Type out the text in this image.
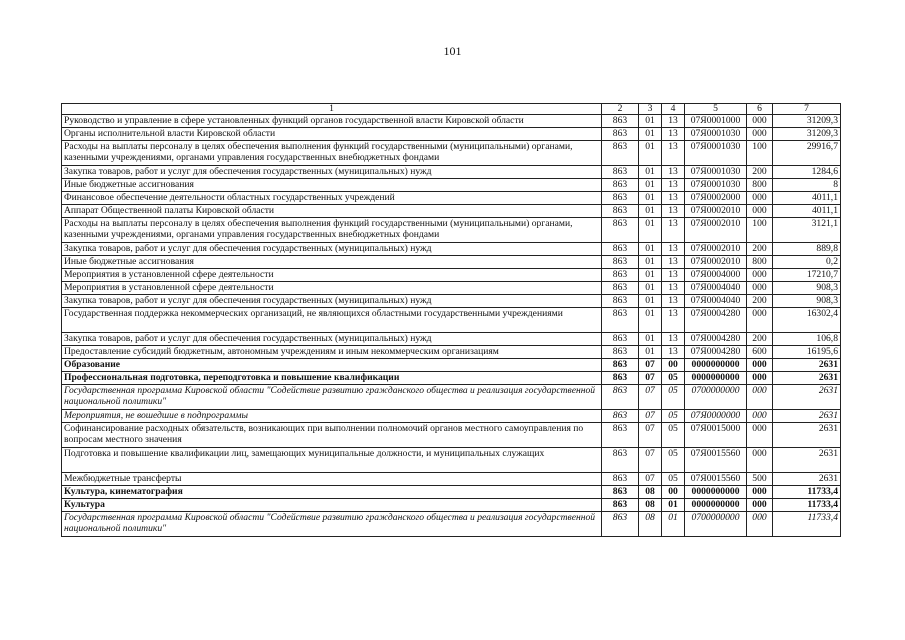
101
1	2	3	4	5	6	7
Руководство и управление в сфере установленных функций органов государственной власти Кировской области	863	01	13	07Я0001000	000	31209,3
Органы исполнительной власти Кировской области	863	01	13	07Я0001030	000	31209,3
Расходы на выплаты персоналу в целях обеспечения выполнения функций государственными (муниципальными) органами, казенными учреждениями, органами управления государственных внебюджетных фондами	863	01	13	07Я0001030	100	29916,7
Закупка товаров, работ и услуг для обеспечения государственных (муниципальных) нужд	863	01	13	07Я0001030	200	1284,6
Иные бюджетные ассигнования	863	01	13	07Я0001030	800	8
Финансовое обеспечение деятельности областных государственных учреждений	863	01	13	07Я0002000	000	4011,1
Аппарат Общественной палаты Кировской области	863	01	13	07Я0002010	000	4011,1
Расходы на выплаты персоналу в целях обеспечения выполнения функций государственными (муниципальными) органами, казенными учреждениями, органами управления государственных внебюджетных фондами	863	01	13	07Я0002010	100	3121,1
Закупка товаров, работ и услуг для обеспечения государственных (муниципальных) нужд	863	01	13	07Я0002010	200	889,8
Иные бюджетные ассигнования	863	01	13	07Я0002010	800	0,2
Мероприятия в установленной сфере деятельности	863	01	13	07Я0004000	000	17210,7
Мероприятия в установленной сфере деятельности	863	01	13	07Я0004040	000	908,3
Закупка товаров, работ и услуг для обеспечения государственных (муниципальных) нужд	863	01	13	07Я0004040	200	908,3
Государственная поддержка некоммерческих организаций, не являющихся областными государственными учреждениями	863	01	13	07Я0004280	000	16302,4
Закупка товаров, работ и услуг для обеспечения государственных (муниципальных) нужд	863	01	13	07Я0004280	200	106,8
Предоставление субсидий бюджетным, автономным учреждениям и иным некоммерческим организациям	863	01	13	07Я0004280	600	16195,6
Образование	863	07	00	0000000000	000	2631
Профессиональная подготовка, переподготовка и повышение квалификации	863	07	05	0000000000	000	2631
Государственная программа Кировской области "Содействие развитию гражданского общества и реализация государственной национальной политики"	863	07	05	0700000000	000	2631
Мероприятия, не вошедшие в подпрограммы	863	07	05	07Я0000000	000	2631
Софинансирование расходных обязательств, возникающих при выполнении полномочий органов местного самоуправления по вопросам местного значения	863	07	05	07Я0015000	000	2631
Подготовка и повышение квалификации лиц, замещающих муниципальные должности, и муниципальных служащих	863	07	05	07Я0015560	000	2631
Межбюджетные трансферты	863	07	05	07Я0015560	500	2631
Культура, кинематография	863	08	00	0000000000	000	11733,4
Культура	863	08	01	0000000000	000	11733,4
Государственная программа Кировской области "Содействие развитию гражданского общества и реализация государственной национальной политики"	863	08	01	0700000000	000	11733,4
